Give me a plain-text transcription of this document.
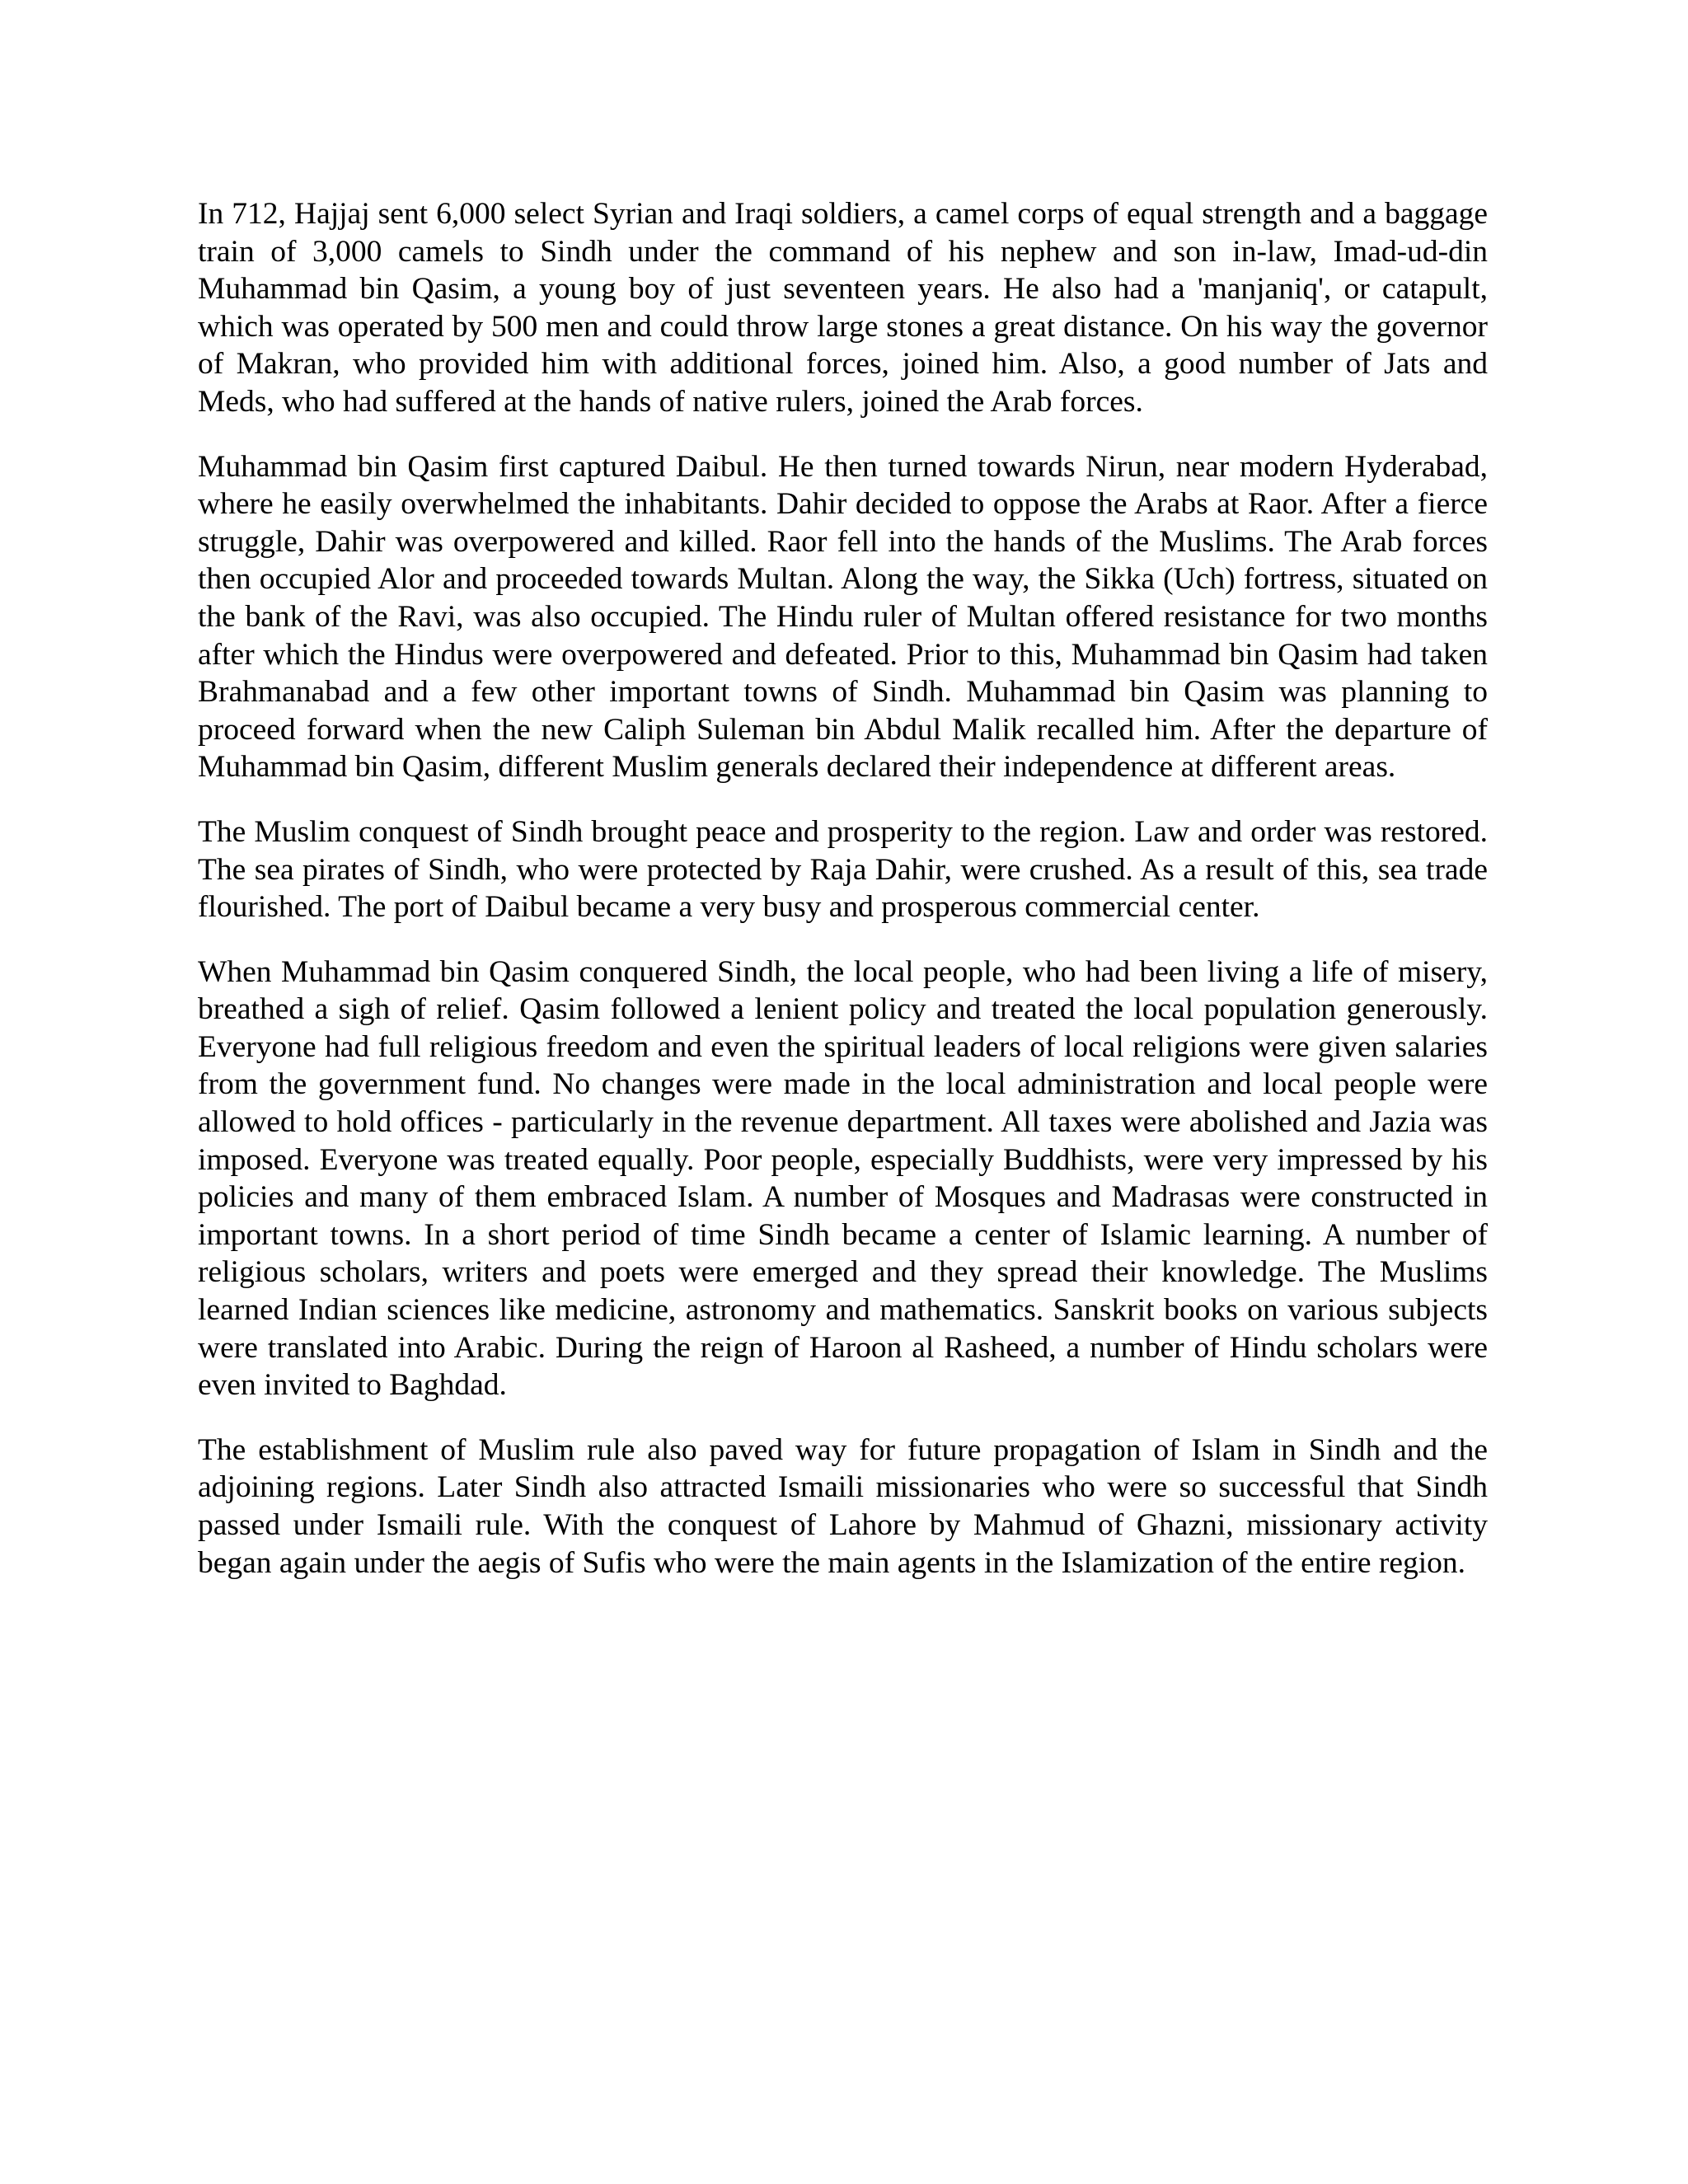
In 712, Hajjaj sent 6,000 select Syrian and Iraqi soldiers, a camel corps of equal strength and a baggage train of 3,000 camels to Sindh under the command of his nephew and son in-law, Imad-ud-din Muhammad bin Qasim, a young boy of just seventeen years. He also had a 'manjaniq', or catapult, which was operated by 500 men and could throw large stones a great distance. On his way the governor of Makran, who provided him with additional forces, joined him. Also, a good number of Jats and Meds, who had suffered at the hands of native rulers, joined the Arab forces.

Muhammad bin Qasim first captured Daibul. He then turned towards Nirun, near modern Hyderabad, where he easily overwhelmed the inhabitants. Dahir decided to oppose the Arabs at Raor. After a fierce struggle, Dahir was overpowered and killed. Raor fell into the hands of the Muslims. The Arab forces then occupied Alor and proceeded towards Multan. Along the way, the Sikka (Uch) fortress, situated on the bank of the Ravi, was also occupied. The Hindu ruler of Multan offered resistance for two months after which the Hindus were overpowered and defeated. Prior to this, Muhammad bin Qasim had taken Brahmanabad and a few other important towns of Sindh. Muhammad bin Qasim was planning to proceed forward when the new Caliph Suleman bin Abdul Malik recalled him. After the departure of Muhammad bin Qasim, different Muslim generals declared their independence at different areas.

The Muslim conquest of Sindh brought peace and prosperity to the region. Law and order was restored. The sea pirates of Sindh, who were protected by Raja Dahir, were crushed. As a result of this, sea trade flourished. The port of Daibul became a very busy and prosperous commercial center.

When Muhammad bin Qasim conquered Sindh, the local people, who had been living a life of misery, breathed a sigh of relief. Qasim followed a lenient policy and treated the local population generously. Everyone had full religious freedom and even the spiritual leaders of local religions were given salaries from the government fund. No changes were made in the local administration and local people were allowed to hold offices - particularly in the revenue department. All taxes were abolished and Jazia was imposed. Everyone was treated equally. Poor people, especially Buddhists, were very impressed by his policies and many of them embraced Islam. A number of Mosques and Madrasas were constructed in important towns. In a short period of time Sindh became a center of Islamic learning. A number of religious scholars, writers and poets were emerged and they spread their knowledge. The Muslims learned Indian sciences like medicine, astronomy and mathematics. Sanskrit books on various subjects were translated into Arabic. During the reign of Haroon al Rasheed, a number of Hindu scholars were even invited to Baghdad.

The establishment of Muslim rule also paved way for future propagation of Islam in Sindh and the adjoining regions. Later Sindh also attracted Ismaili missionaries who were so successful that Sindh passed under Ismaili rule. With the conquest of Lahore by Mahmud of Ghazni, missionary activity began again under the aegis of Sufis who were the main agents in the Islamization of the entire region.
